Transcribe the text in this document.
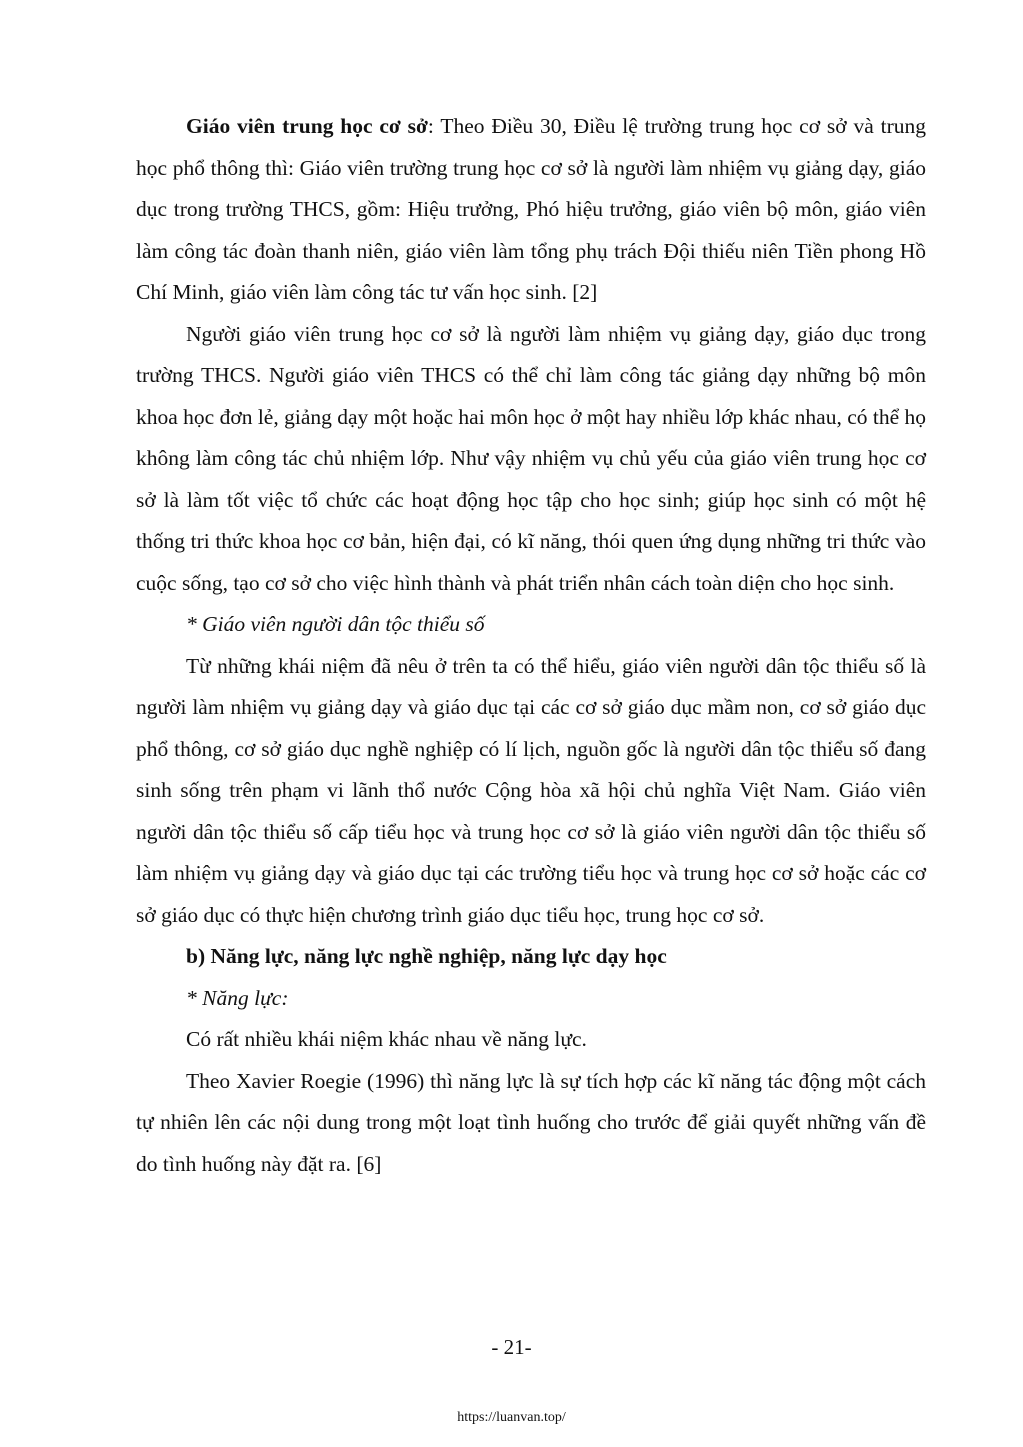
Giáo viên trung học cơ sở: Theo Điều 30, Điều lệ trường trung học cơ sở và trung học phổ thông thì: Giáo viên trường trung học cơ sở là người làm nhiệm vụ giảng dạy, giáo dục trong trường THCS, gồm: Hiệu trưởng, Phó hiệu trưởng, giáo viên bộ môn, giáo viên làm công tác đoàn thanh niên, giáo viên làm tổng phụ trách Đội thiếu niên Tiền phong Hồ Chí Minh, giáo viên làm công tác tư vấn học sinh. [2]

Người giáo viên trung học cơ sở là người làm nhiệm vụ giảng dạy, giáo dục trong trường THCS. Người giáo viên THCS có thể chỉ làm công tác giảng dạy những bộ môn khoa học đơn lẻ, giảng dạy một hoặc hai môn học ở một hay nhiều lớp khác nhau, có thể họ không làm công tác chủ nhiệm lớp. Như vậy nhiệm vụ chủ yếu của giáo viên trung học cơ sở là làm tốt việc tổ chức các hoạt động học tập cho học sinh; giúp học sinh có một hệ thống tri thức khoa học cơ bản, hiện đại, có kĩ năng, thói quen ứng dụng những tri thức vào cuộc sống, tạo cơ sở cho việc hình thành và phát triển nhân cách toàn diện cho học sinh.

* Giáo viên người dân tộc thiểu số

Từ những khái niệm đã nêu ở trên ta có thể hiểu, giáo viên người dân tộc thiểu số là người làm nhiệm vụ giảng dạy và giáo dục tại các cơ sở giáo dục mầm non, cơ sở giáo dục phổ thông, cơ sở giáo dục nghề nghiệp có lí lịch, nguồn gốc là người dân tộc thiểu số đang sinh sống trên phạm vi lãnh thổ nước Cộng hòa xã hội chủ nghĩa Việt Nam. Giáo viên người dân tộc thiểu số cấp tiểu học và trung học cơ sở là giáo viên người dân tộc thiểu số làm nhiệm vụ giảng dạy và giáo dục tại các trường tiểu học và trung học cơ sở hoặc các cơ sở giáo dục có thực hiện chương trình giáo dục tiểu học, trung học cơ sở.

b) Năng lực, năng lực nghề nghiệp, năng lực dạy học

* Năng lực:

Có rất nhiều khái niệm khác nhau về năng lực.

Theo Xavier Roegie (1996) thì năng lực là sự tích hợp các kĩ năng tác động một cách tự nhiên lên các nội dung trong một loạt tình huống cho trước để giải quyết những vấn đề do tình huống này đặt ra. [6]

- 21-
https://luanvan.top/
